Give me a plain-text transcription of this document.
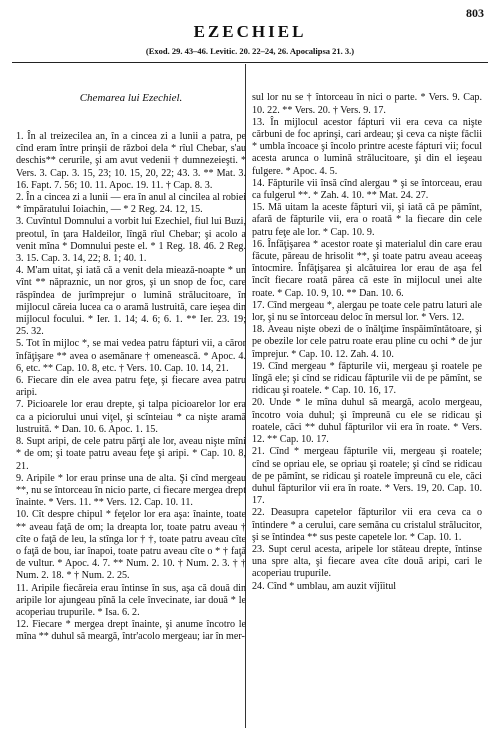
803
EZECHIEL
(Exod. 29. 43–46. Levitic. 20. 22–24, 26. Apocalipsa 21. 3.)

Chemarea lui Ezechiel.

1. În al treizecilea an, în a cincea zi a lunii a patra, pe cînd eram între prinşii de război dela * rîul Chebar, s'au deschis** cerurile, şi am avut vedenii † dumnezeieşti. * Vers. 3. Cap. 3. 15, 23; 10. 15, 20, 22; 43. 3. ** Mat. 3. 16. Fapt. 7. 56; 10. 11. Apoc. 19. 11. † Cap. 8. 3.
2. În a cincea zi a lunii — era în anul al cincilea al robiei * împăratului Ioiachin, — * 2 Reg. 24. 12, 15.
3. Cuvîntul Domnului a vorbit lui Ezechiel, fiul lui Buzi, preotul, în ţara Haldeilor, lîngă rîul Chebar; şi acolo a venit mîna * Domnului peste el. * 1 Reg. 18. 46. 2 Reg. 3. 15. Cap. 3. 14, 22; 8. 1; 40. 1.
4. M'am uitat, şi iată că a venit dela miează-noapte * un vînt ** năpraznic, un nor gros, şi un snop de foc, care răspîndea de jurîmprejur o lumină strălucitoare, în mijlocul căreia lucea ca o aramă lustruită, care ieşea din mijlocul focului. * Ier. 1. 14; 4. 6; 6. 1. ** Ier. 23. 19; 25. 32.
5. Tot în mijloc *, se mai vedea patru fápturi vii, a căror înfăţişare ** avea o asemănare † omenească. * Apoc. 4. 6, etc. ** Cap. 10. 8, etc. † Vers. 10. Cap. 10. 14, 21.
6. Fiecare din ele avea patru feţe, şi fiecare avea patru aripi.
7. Picioarele lor erau drepte, şi talpa picioarelor lor era ca a piciorului unui viţel, şi scînteiau * ca nişte aramă lustruită. * Dan. 10. 6. Apoc. 1. 15.
8. Supt aripi, de cele patru părţi ale lor, aveau nişte mîni * de om; şi toate patru aveau feţe şi aripi. * Cap. 10. 8, 21.
9. Aripile * lor erau prinse una de alta. Şi cînd mergeau **, nu se întorceau în nicio parte, ci fiecare mergea drept înainte. * Vers. 11. ** Vers. 12. Cap. 10. 11.
10. Cît despre chipul * feţelor lor era aşa: înainte, toate ** aveau faţă de om; la dreapta lor, toate patru aveau † cîte o faţă de leu, la stînga lor † †, toate patru aveau cîte o faţă de bou, iar înapoi, toate patru aveau cîte o * † faţă de vultur. * Apoc. 4. 7. ** Num. 2. 10. † Num. 2. 3. † † Num. 2. 18. * † Num. 2. 25.
11. Aripile fiecăreia erau întinse în sus, aşa că două din aripile lor ajungeau pînă la cele învecinate, iar două * le acoperiau trupurile. * Isa. 6. 2.
12. Fiecare * mergea drept înainte, şi anume încotro le mîna ** duhul să meargă, într'acolo mergeau; iar în mer-

sul lor nu se † întorceau în nici o parte. * Vers. 9. Cap. 10. 22. ** Vers. 20. † Vers. 9. 17.
13. În mijlocul acestor fápturi vii era ceva ca nişte cărbuni de foc aprinşi, cari ardeau; şi ceva ca nişte făclii * umbla încoace şi încolo printre aceste fápturi vii; focul acesta arunca o lumină strălucitoare, şi din el ieşeau fulgere. * Apoc. 4. 5.
14. Făpturile vii însă cînd alergau * şi se întorceau, erau ca fulgerul **. * Zah. 4. 10. ** Mat. 24. 27.
15. Mă uitam la aceste făpturi vii, şi iată că pe pămînt, afară de făpturile vii, era o roată * la fiecare din cele patru feţe ale lor. * Cap. 10. 9.
16. Înfăţişarea * acestor roate şi materialul din care erau făcute, păreau de hrisolit **, şi toate patru aveau aceeaş întocmire. Înfăţişarea şi alcătuirea lor erau de aşa fel încît fiecare roată părea că este în mijlocul unei alte roate. * Cap. 10. 9, 10. ** Dan. 10. 6.
17. Cînd mergeau *, alergau pe toate cele patru laturi ale lor, şi nu se întorceau deloc în mersul lor. * Vers. 12.
18. Aveau nişte obezi de o înălţime înspăimîntătoare, şi pe obezile lor cele patru roate erau pline cu ochi * de jur împrejur. * Cap. 10. 12. Zah. 4. 10.
19. Cînd mergeau * făpturile vii, mergeau şi roatele pe lîngă ele; şi cînd se ridicau făpturile vii de pe pămînt, se ridicau şi roatele. * Cap. 10. 16, 17.
20. Unde * le mîna duhul să meargă, acolo mergeau, încotro voia duhul; şi împreună cu ele se ridicau şi roatele, căci ** duhul făpturilor vii era în roate. * Vers. 12. ** Cap. 10. 17.
21. Cînd * mergeau făpturile vii, mergeau şi roatele; cînd se opriau ele, se opriau şi roatele; şi cînd se ridicau de pe pămînt, se ridicau şi roatele împreună cu ele, căci duhul făpturilor vii era în roate. * Vers. 19, 20. Cap. 10. 17.
22. Deasupra capetelor făpturilor vii era ceva ca o întindere * a cerului, care semăna cu cristalul strălucitor, şi se întindea ** sus peste capetele lor. * Cap. 10. 1.
23. Supt cerul acesta, aripele lor stăteau drepte, întinse una spre alta, şi fiecare avea cîte două aripi, cari le acoperiau trupurile.
24. Cînd * umblau, am auzit vîjîitul
